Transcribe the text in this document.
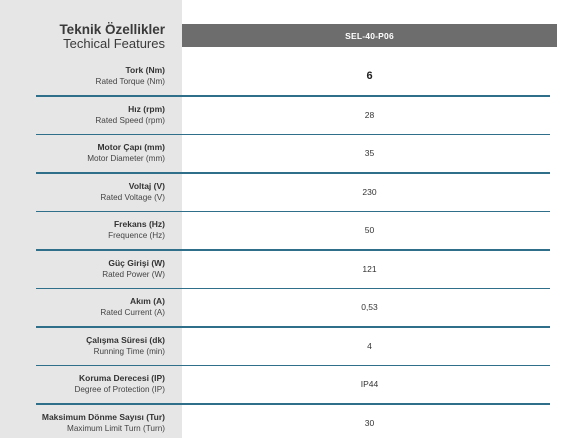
Teknik Özellikler
Techical Features
SEL-40-P06
Tork (Nm)
Rated Torque (Nm)	6
Hız (rpm)
Rated Speed (rpm)
28
Motor Çapı (mm)
Motor Diameter (mm)
35
Voltaj (V)
Rated Voltage (V)
230
Frekans (Hz)
Frequence (Hz)
50
Güç Girişi (W)
Rated Power (W)
121
Akım (A)
Rated Current (A)
0,53
Çalışma Süresi (dk)
Running Time (min)
4
Koruma Derecesi (IP)
Degree of Protection (IP)
IP44
Maksimum Dönme Sayısı (Tur)
Maximum Limit Turn (Turn)
30
